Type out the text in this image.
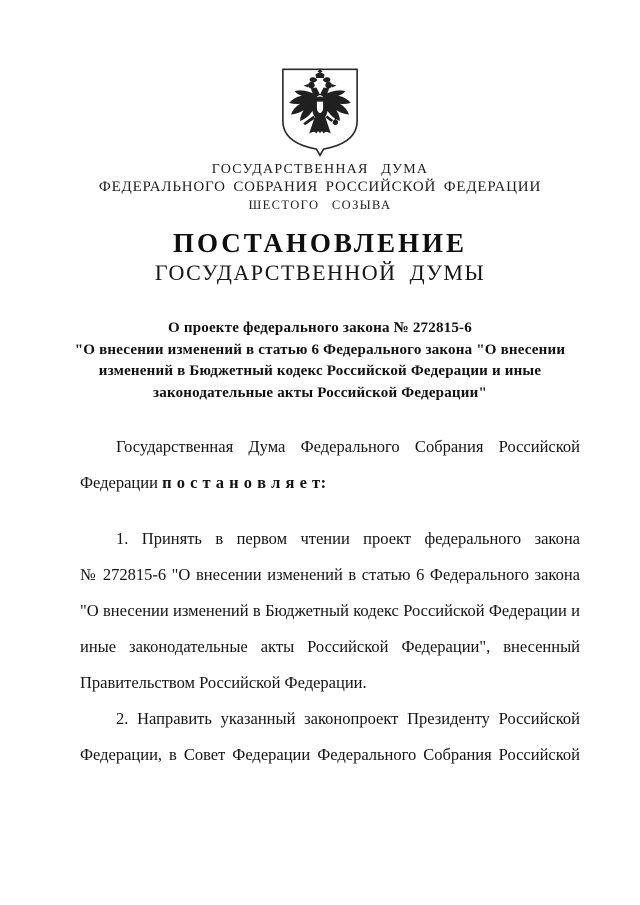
ГОСУДАРСТВЕННАЯ ДУМА
ФЕДЕРАЛЬНОГО СОБРАНИЯ РОССИЙСКОЙ ФЕДЕРАЦИИ
ШЕСТОГО СОЗЫВА
ПОСТАНОВЛЕНИЕ
ГОСУДАРСТВЕННОЙ ДУМЫ
О проекте федерального закона № 272815-6
"О внесении изменений в статью 6 Федерального закона "О внесении
изменений в Бюджетный кодекс Российской Федерации и иные
законодательные акты Российской Федерации"
Государственная Дума Федерального Собрания Российской
Федерации п о с т а н о в л я е т:
1. Принять в первом чтении проект федерального закона
№ 272815-6 "О внесении изменений в статью 6 Федерального закона
"О внесении изменений в Бюджетный кодекс Российской Федерации и
иные законодательные акты Российской Федерации", внесенный
Правительством Российской Федерации.
2. Направить указанный законопроект Президенту Российской
Федерации, в Совет Федерации Федерального Собрания Российской
